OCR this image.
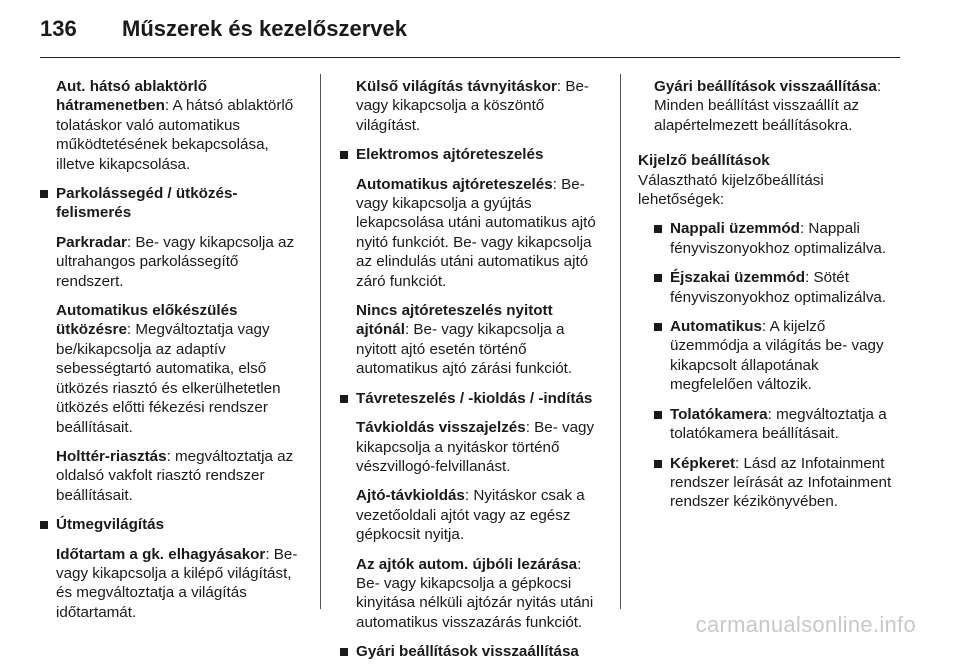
136	Műszerek és kezelőszervek
Aut. hátsó ablaktörlő hátramenetben: A hátsó ablaktörlő tolatáskor való automatikus működtetésének bekapcsolása, illetve kikapcsolása.
Parkolássegéd / ütközés-felismerés
Parkradar: Be- vagy kikapcsolja az ultrahangos parkolássegítő rendszert.
Automatikus előkészülés ütközésre: Megváltoztatja vagy be/kikapcsolja az adaptív sebességtartó automatika, első ütközés riasztó és elkerülhetetlen ütközés előtti fékezési rendszer beállításait.
Holttér-riasztás: megváltoztatja az oldalsó vakfolt riasztó rendszer beállításait.
Útmegvilágítás
Időtartam a gk. elhagyásakor: Be- vagy kikapcsolja a kilépő világítást, és megváltoztatja a világítás időtartamát.
Külső világítás távnyitáskor: Be- vagy kikapcsolja a köszöntő világítást.
Elektromos ajtóreteszelés
Automatikus ajtóreteszelés: Be- vagy kikapcsolja a gyújtás lekapcsolása utáni automatikus ajtó nyitó funkciót. Be- vagy kikapcsolja az elindulás utáni automatikus ajtó záró funkciót.
Nincs ajtóreteszelés nyitott ajtónál: Be- vagy kikapcsolja a nyitott ajtó esetén történő automatikus ajtó zárási funkciót.
Távreteszelés / -kioldás / -indítás
Távkioldás visszajelzés: Be- vagy kikapcsolja a nyitáskor történő vészvillogó-felvillanást.
Ajtó-távkioldás: Nyitáskor csak a vezetőoldali ajtót vagy az egész gépkocsit nyitja.
Az ajtók autom. újbóli lezárása: Be- vagy kikapcsolja a gépkocsi kinyitása nélküli ajtózár nyitás utáni automatikus visszazárás funkciót.
Gyári beállítások visszaállítása
Gyári beállítások visszaállítása: Minden beállítást visszaállít az alapértelmezett beállításokra.
Kijelző beállítások
Választható kijelzőbeállítási lehetőségek:
Nappali üzemmód: Nappali fényviszonyokhoz optimalizálva.
Éjszakai üzemmód: Sötét fényviszonyokhoz optimalizálva.
Automatikus: A kijelző üzemmódja a világítás be- vagy kikapcsolt állapotának megfelelően változik.
Tolatókamera: megváltoztatja a tolatókamera beállításait.
Képkeret: Lásd az Infotainment rendszer leírását az Infotainment rendszer kézikönyvében.
carmanualsonline.info
